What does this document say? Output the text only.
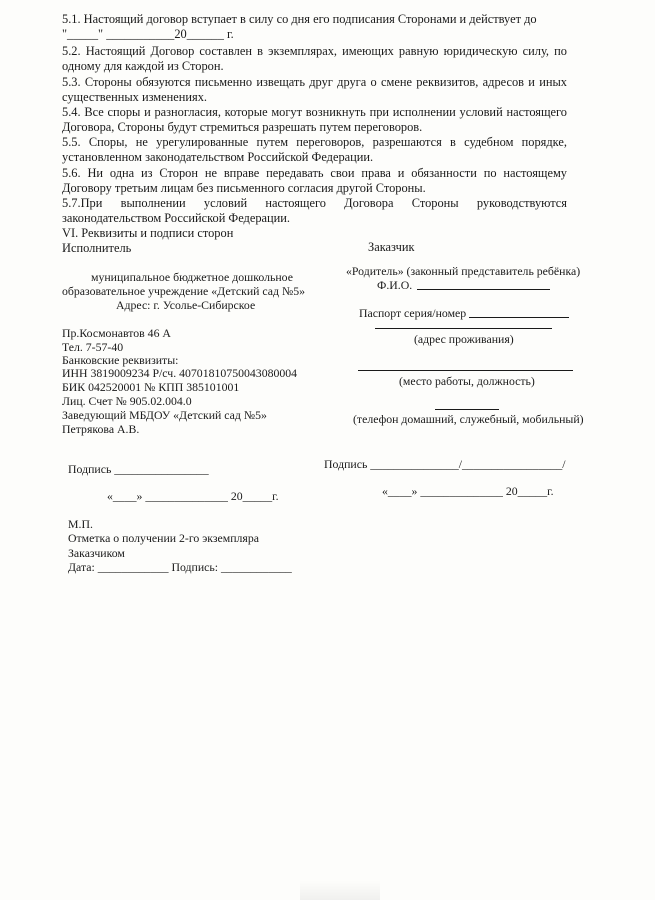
5.1. Настоящий договор вступает в силу со дня его подписания Сторонами и действует до
"_____" ___________20______ г.
5.2. Настоящий Договор составлен в экземплярах, имеющих равную юридическую силу, по одному для каждой из Сторон.
5.3. Стороны обязуются письменно извещать друг друга о смене реквизитов, адресов и иных существенных изменениях.
5.4. Все споры и разногласия, которые могут возникнуть при исполнении условий настоящего Договора, Стороны будут стремиться разрешать путем переговоров.
5.5. Споры, не урегулированные путем переговоров, разрешаются в судебном порядке, установленном законодательством Российской Федерации.
5.6. Ни одна из Сторон не вправе передавать свои права и обязанности по настоящему Договору третьим лицам без письменного согласия другой Стороны.
5.7.При выполнении условий настоящего Договора Стороны руководствуются законодательством Российской Федерации.
VI. Реквизиты и подписи сторон
Исполнитель	Заказчик
муниципальное бюджетное дошкольное
образовательное учреждение «Детский сад №5»
Адрес: г. Усолье-Сибирское
Пр.Космонавтов 46 А
Тел. 7-57-40
Банковские реквизиты:
ИНН 3819009234 Р/сч. 40701810750043080004
БИК 042520001 № КПП 385101001
Лиц. Счет № 905.02.004.0
Заведующий МБДОУ «Детский сад №5»
Петрякова А.В.
«Родитель» (законный представитель ребёнка)
Ф.И.О.
Паспорт серия/номер
(адрес проживания)
(место работы, должность)
(телефон домашний, служебный, мобильный)
Подпись ________________
«____» ______________ 20_____г.
Подпись _______________/_________________/
«____» ______________ 20_____г.
М.П.
Отметка о получении 2-го экземпляра
Заказчиком
Дата: ____________ Подпись: ____________
